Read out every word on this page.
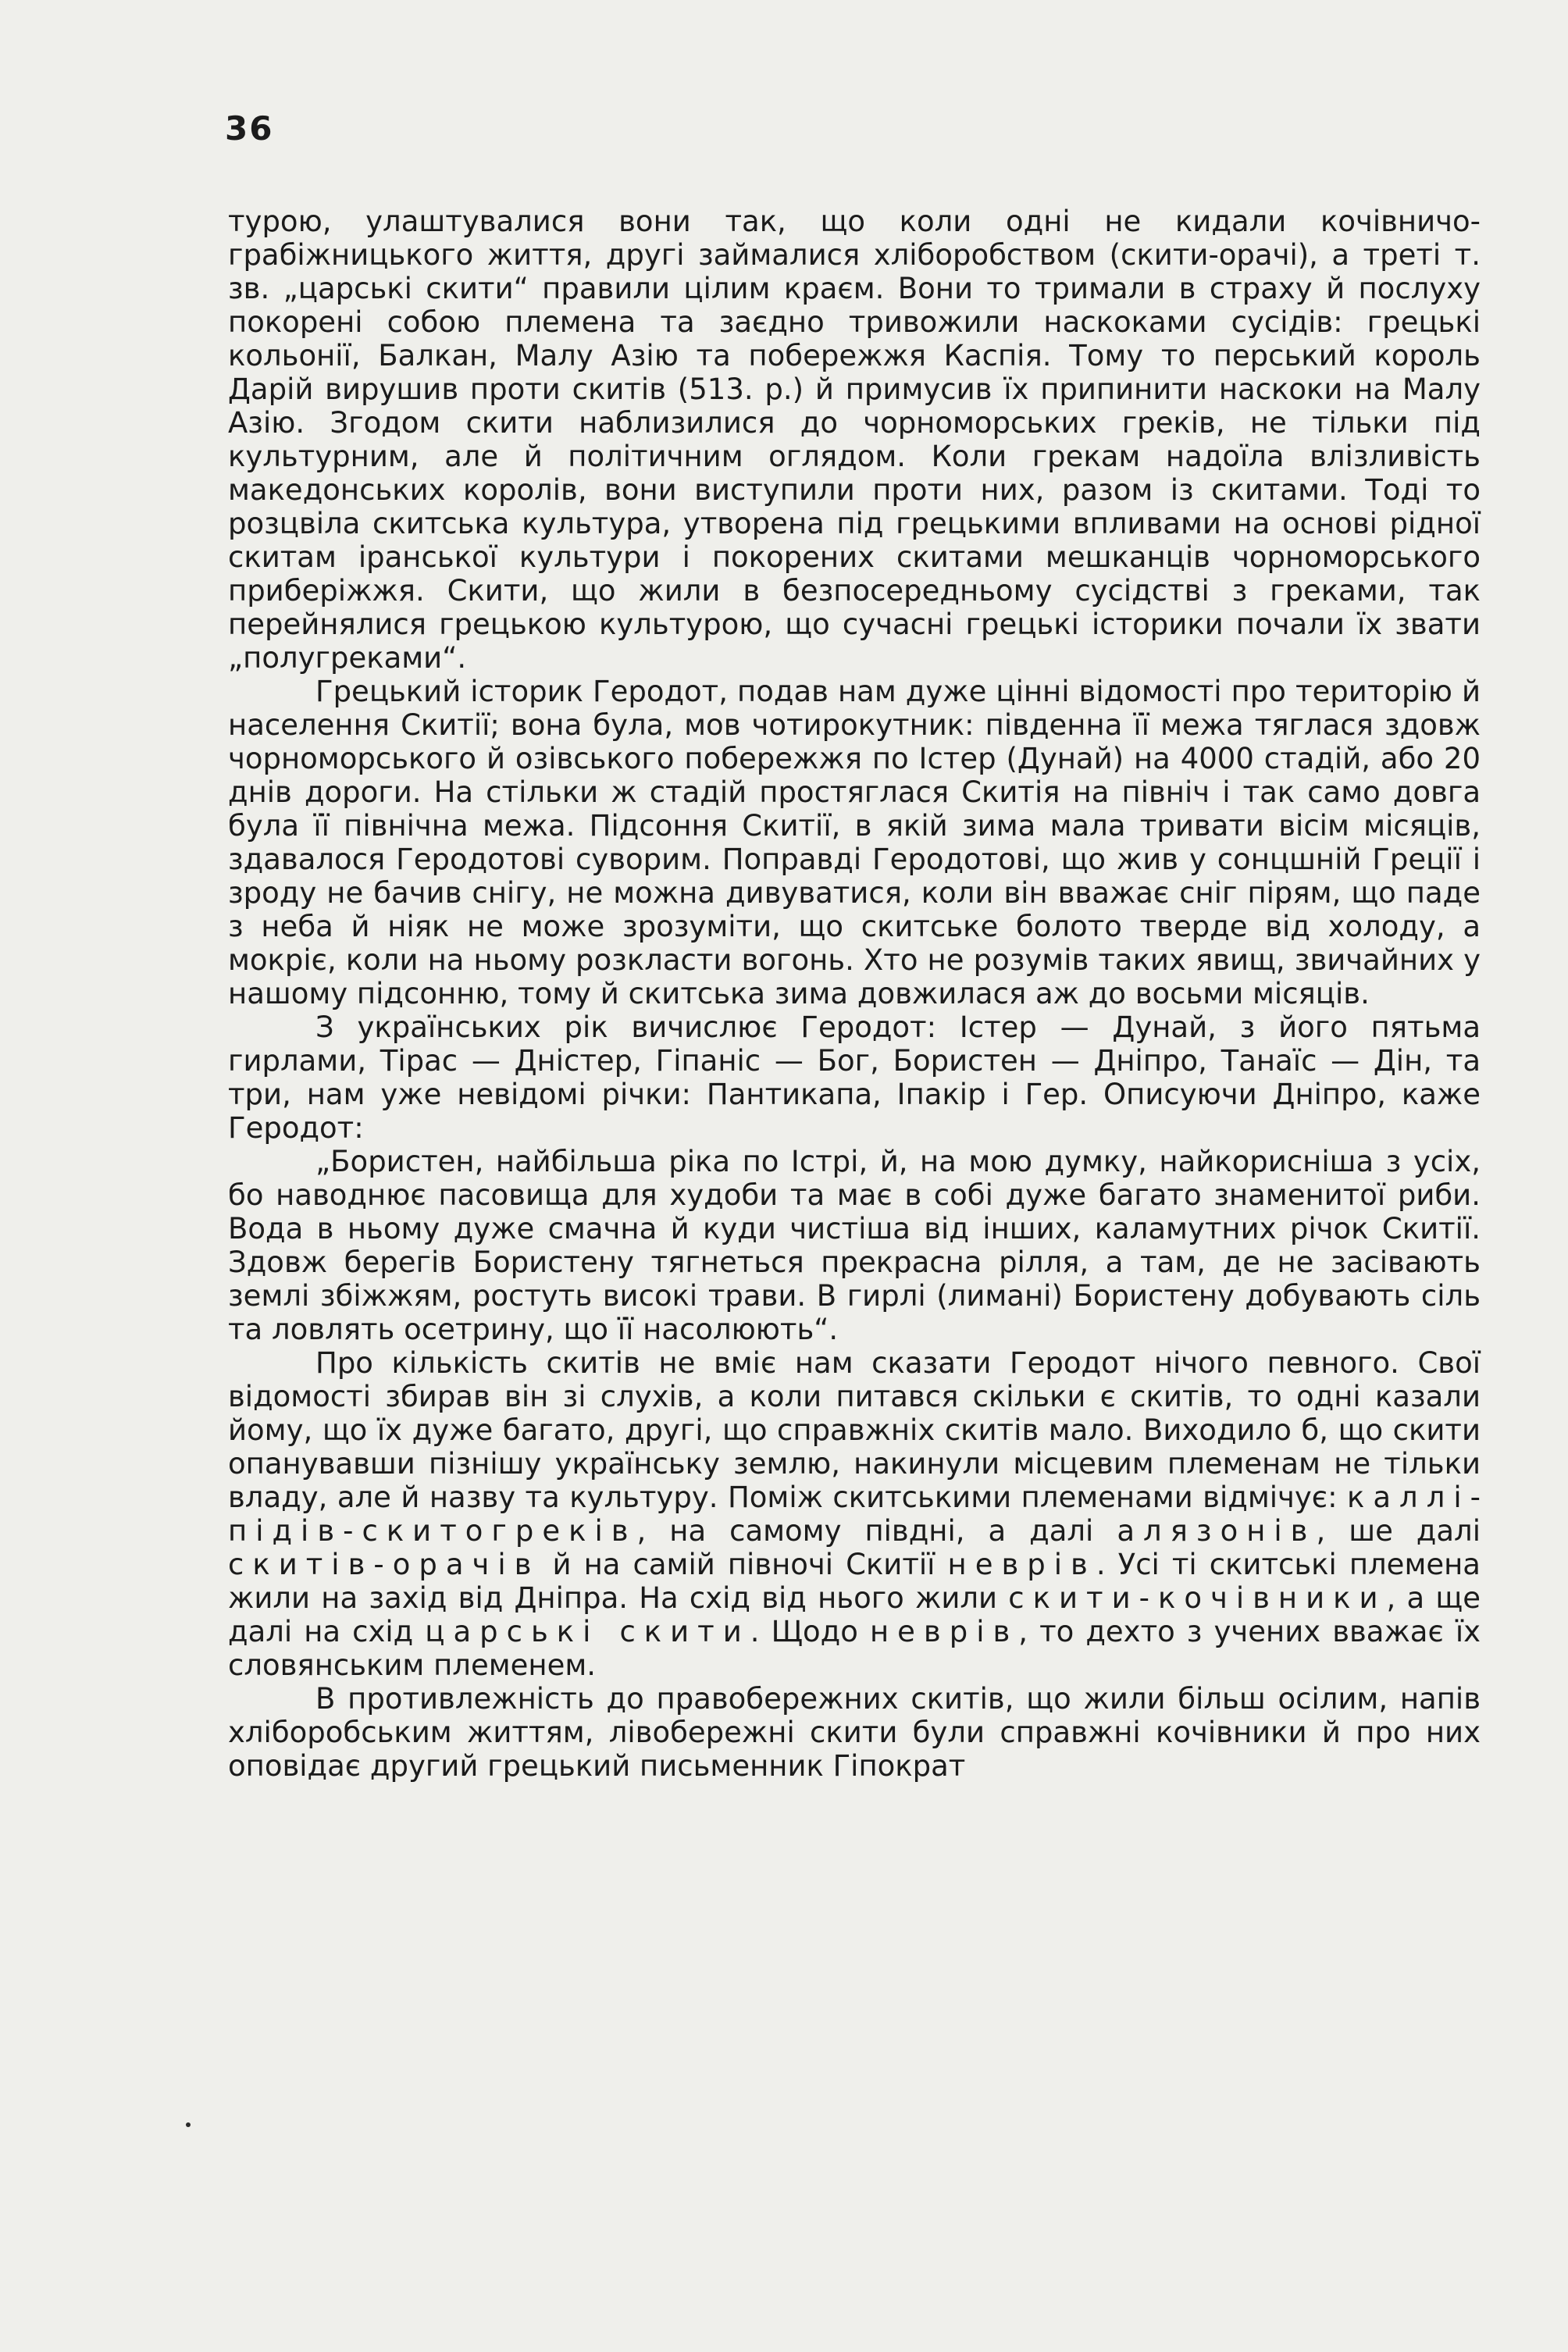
36

турою, улаштувалися вони так, що коли одні не кидали кочівничо-грабіжницького життя, другі займалися хліборобством (скити-орачі), а треті т. зв. „царські скити“ правили цілим краєм. Вони то тримали в страху й послуху покорені собою племена та заєдно тривожили наскоками сусідів: грецькі кольонії, Балкан, Малу Азію та побережжя Каспія. Тому то перський король Дарій вирушив проти скитів (513. р.) й примусив їх припинити наскоки на Малу Азію. Згодом скити наблизилися до чорноморських греків, не тільки під культурним, але й політичним оглядом. Коли грекам надоїла влізливість македонських королів, вони виступили проти них, разом із скитами. Тоді то розцвіла скитська культура, утворена під грецькими впливами на основі рідної скитам іранської культури і покорених скитами мешканців чорноморського приберіжжя. Скити, що жили в безпосередньому сусідстві з греками, так перейнялися грецькою культурою, що сучасні грецькі історики почали їх звати „полугреками“.

Грецький історик Геродот, подав нам дуже цінні відомості про територію й населення Скитії; вона була, мов чотирокутник: південна її межа тяглася здовж чорноморського й озівського побережжя по Істер (Дунай) на 4000 стадій, або 20 днів дороги. На стільки ж стадій простяглася Скитія на північ і так само довга була її північна межа. Підсоння Скитії, в якій зима мала тривати вісім місяців, здавалося Геродотові суворим. Поправді Геродотові, що жив у сонцшній Греції і зроду не бачив снігу, не можна дивуватися, коли він вважає сніг пірям, що паде з неба й ніяк не може зрозуміти, що скитське болото тверде від холоду, а мокріє, коли на ньому розкласти вогонь. Хто не розумів таких явищ, звичайних у нашому підсонню, тому й скитська зима довжилася аж до восьми місяців.

З українських рік вичислює Геродот: Істер — Дунай, з його пятьма гирлами, Тірас — Дністер, Гіпаніс — Бог, Бористен — Дніпро, Танаїс — Дін, та три, нам уже невідомі річки: Пантикапа, Іпакір і Гер. Описуючи Дніпро, каже Геродот:

„Бористен, найбільша ріка по Істрі, й, на мою думку, найкорисніша з усіх, бо наводнює пасовища для худоби та має в собі дуже багато знаменитої риби. Вода в ньому дуже смачна й куди чистіша від інших, каламутних річок Скитії. Здовж берегів Бористену тягнеться прекрасна рілля, а там, де не засівають землі збіжжям, ростуть високі трави. В гирлі (лимані) Бористену добувають сіль та ловлять осетрину, що її насолюють“.

Про кількість скитів не вміє нам сказати Геродот нічого певного. Свої відомості збирав він зі слухів, а коли питався скільки є скитів, то одні казали йому, що їх дуже багато, другі, що справжніх скитів мало. Виходило б, що скити опанувавши пізнішу українську землю, накинули місцевим племенам не тільки владу, але й назву та культуру. Поміж скитськими племенами відмічує: калліпідів-скитогреків, на самому півдні, а далі алязонів, ше далі скитів-орачів й на самій півночі Скитії неврів. Усі ті скитські племена жили на захід від Дніпра. На схід від нього жили скити-кочівники, а ще далі на схід царські скити. Щодо неврів, то дехто з учених вважає їх словянським племенем.

В противлежність до правобережних скитів, що жили більш осілим, напів хліборобським життям, лівобережні скити були справжні кочівники й про них оповідає другий грецький письменник Гіпократ
